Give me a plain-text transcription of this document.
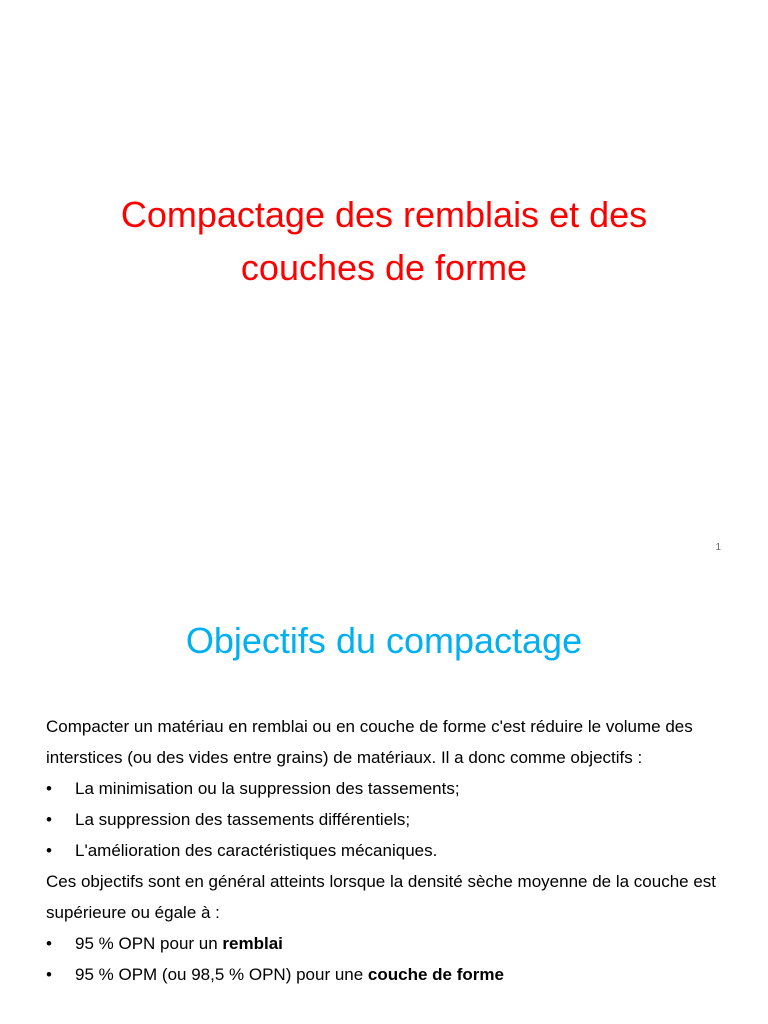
Compactage des remblais et des
couches de forme
1
Objectifs du compactage

Compacter un matériau en remblai ou en couche de forme c'est réduire le volume des interstices (ou des vides entre grains) de matériaux. Il a donc comme objectifs :

• La minimisation ou la suppression des tassements;
• La suppression des tassements différentiels;
• L'amélioration des caractéristiques mécaniques.

Ces objectifs sont en général atteints lorsque la densité sèche moyenne de la couche est supérieure ou égale à :

• 95 % OPN pour un remblai
• 95 % OPM (ou 98,5 % OPN) pour une couche de forme
